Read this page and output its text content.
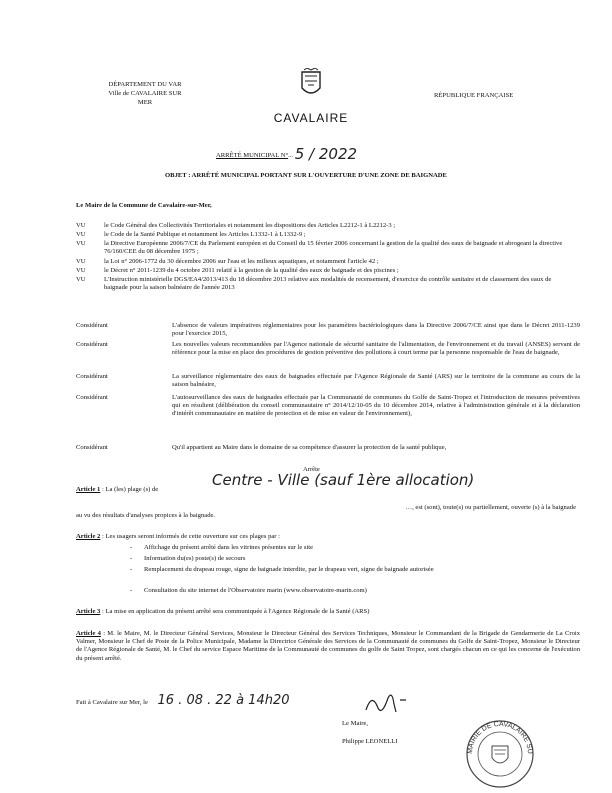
DÉPARTEMENT DU VAR
Ville de CAVALAIRE SUR
MER
CAVALAIRE
RÉPUBLIQUE FRANÇAISE
ARRÊTÉ MUNICIPAL N°... 5 / 2022
OBJET : ARRÊTÉ MUNICIPAL PORTANT SUR L'OUVERTURE D'UNE ZONE DE BAIGNADE
Le Maire de la Commune de Cavalaire-sur-Mer,
VU	le Code Général des Collectivités Territoriales et notamment les dispositions des Articles L2212-1 à L2212-3 ;
VU	le Code de la Santé Publique et notamment les Articles L1332-1 à L1332-9 ;
VU	la Directive Européenne 2006/7/CE du Parlement européen et du Conseil du 15 février 2006 concernant la gestion de la qualité des eaux de baignade et abrogeant la directive 76/160/CEE du 08 décembre 1975 ;
VU	la Loi n° 2006-1772 du 30 décembre 2006 sur l'eau et les milieux aquatiques, et notamment l'article 42 ;
VU	le Décret n° 2011-1239 du 4 octobre 2011 relatif à la gestion de la qualité des eaux de baignade et des piscines ;
VU	L'Instruction ministérielle DGS/EA4/2013/413 du 18 décembre 2013 relative aux modalités de recensement, d'exercice du contrôle sanitaire et de classement des eaux de baignade pour la saison balnéaire de l'année 2013
Considérant	L'absence de valeurs impératives réglementaires pour les paramètres bactériologiques dans la Directive 2006/7/CE ainsi que dans le Décret 2011-1239 pour l'exercice 2015,
Considérant	Les nouvelles valeurs recommandées par l'Agence nationale de sécurité sanitaire de l'alimentation, de l'environnement et du travail (ANSES) servant de référence pour la mise en place des procédures de gestion préventive des pollutions à court terme par la personne responsable de l'eau de baignade,
Considérant	La surveillance réglementaire des eaux de baignades effectuée par l'Agence Régionale de Santé (ARS) sur le territoire de la commune au cours de la saison balnéaire,
Considérant	L'autosurveillance des eaux de baignades effectuée par la Communauté de communes du Golfe de Saint-Tropez et l'introduction de mesures préventives qui en résultent (délibération du conseil communautaire n° 2014/12/10-05 du 10 décembre 2014, relative à l'administration générale et à la déclaration d'intérêt communautaire en matière de protection et de mise en valeur de l'environnement),
Considérant	Qu'il appartient au Maire dans le domaine de sa compétence d'assurer la protection de la santé publique,
Arrête
Article 1 : La (les) plage (s) de
Centre - Ville (sauf 1ère allocation)
…, est (sont), toute(s) ou partiellement, ouverte (s) à la baignade
au vu des résultats d'analyses propices à la baignade.
Article 2 : Les usagers seront informés de cette ouverture sur ces plages par :
- Affichage du présent arrêté dans les vitrines présentes sur le site
- Information du(es) poste(s) de secours
- Remplacement du drapeau rouge, signe de baignade interdite, par le drapeau vert, signe de baignade autorisée
- Consultation du site internet de l'Observatoire marin (www.observatoire-marin.com)
Article 3 : La mise en application du présent arrêté sera communiquée à l'Agence Régionale de la Santé (ARS)
Article 4 : M. le Maire, M. le Directeur Général Services, Monsieur le Directeur Général des Services Techniques, Monsieur le Commandant de la Brigade de Gendarmerie de La Croix Valmer, Monsieur le Chef de Poste de la Police Municipale, Madame la Directrice Générale des Services de la Communauté de communes du Golfe de Saint-Tropez, Monsieur le Directeur de l'Agence Régionale de Santé, M. le Chef du service Espace Maritime de la Communauté de communes du golfe de Saint Tropez, sont chargés chacun en ce qui les concerne de l'exécution du présent arrêté.
Fait à Cavalaire sur Mer, le 16 . 08 . 22 à 14h20
Le Maire,
Philippe LEONELLI
MAIRIE DE CAVALAIRE SU
